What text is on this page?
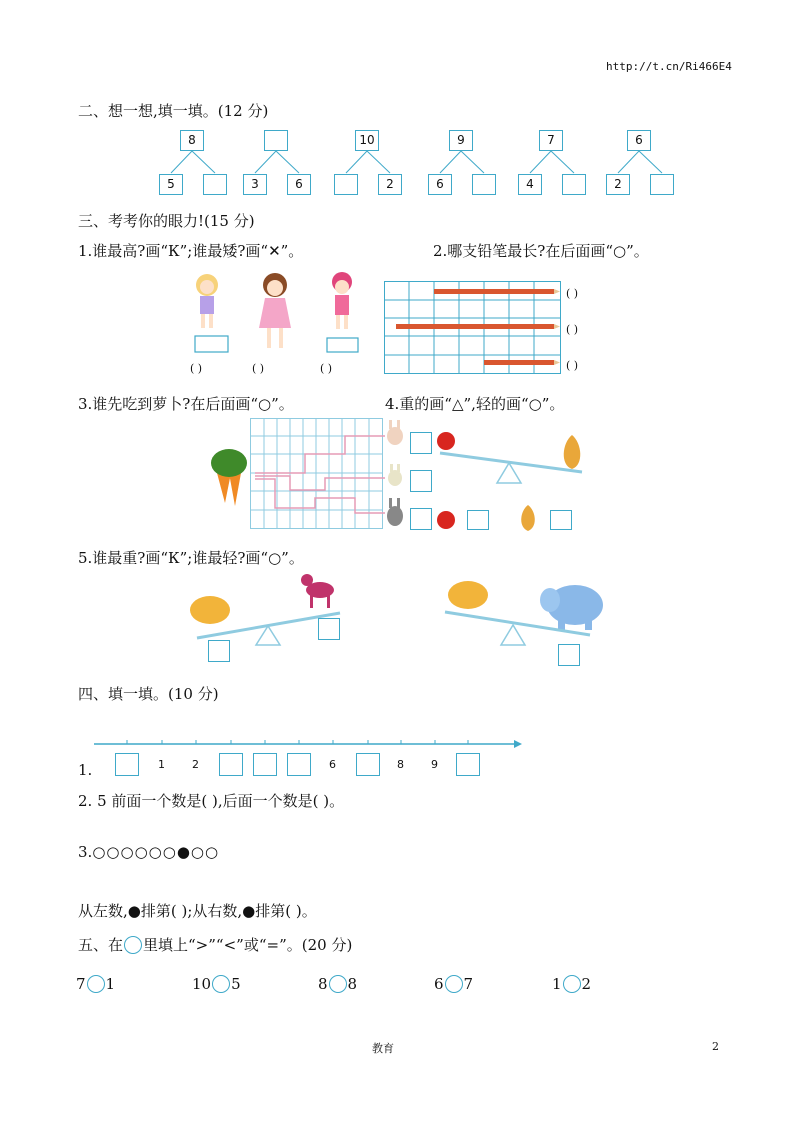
http://t.cn/Ri466E4
二、想一想,填一填。(12 分)
8
5	3	6
10
2
9
6
7
4
6
2
三、考考你的眼力!(15 分)
1.谁最高?画“К”;谁最矮?画“✕”。	2.哪支铅笔最长?在后面画“○”。
( )	( )	( )
( )
( )
( )
3.谁先吃到萝卜?在后面画“○”。	4.重的画“△”,轻的画“○”。
5.谁最重?画“К”;谁最轻?画“○”。
四、填一填。(10 分)
1.	1 2	6	8 9
2. 5 前面一个数是( ),后面一个数是( )。
3.○○○○○○●○○
从左数,●排第( );从右数,●排第( )。
五、在 里填上“>”“<”或“=”。(20 分)
7 1	10 5	8 8	6 7	1 2
教育	2
